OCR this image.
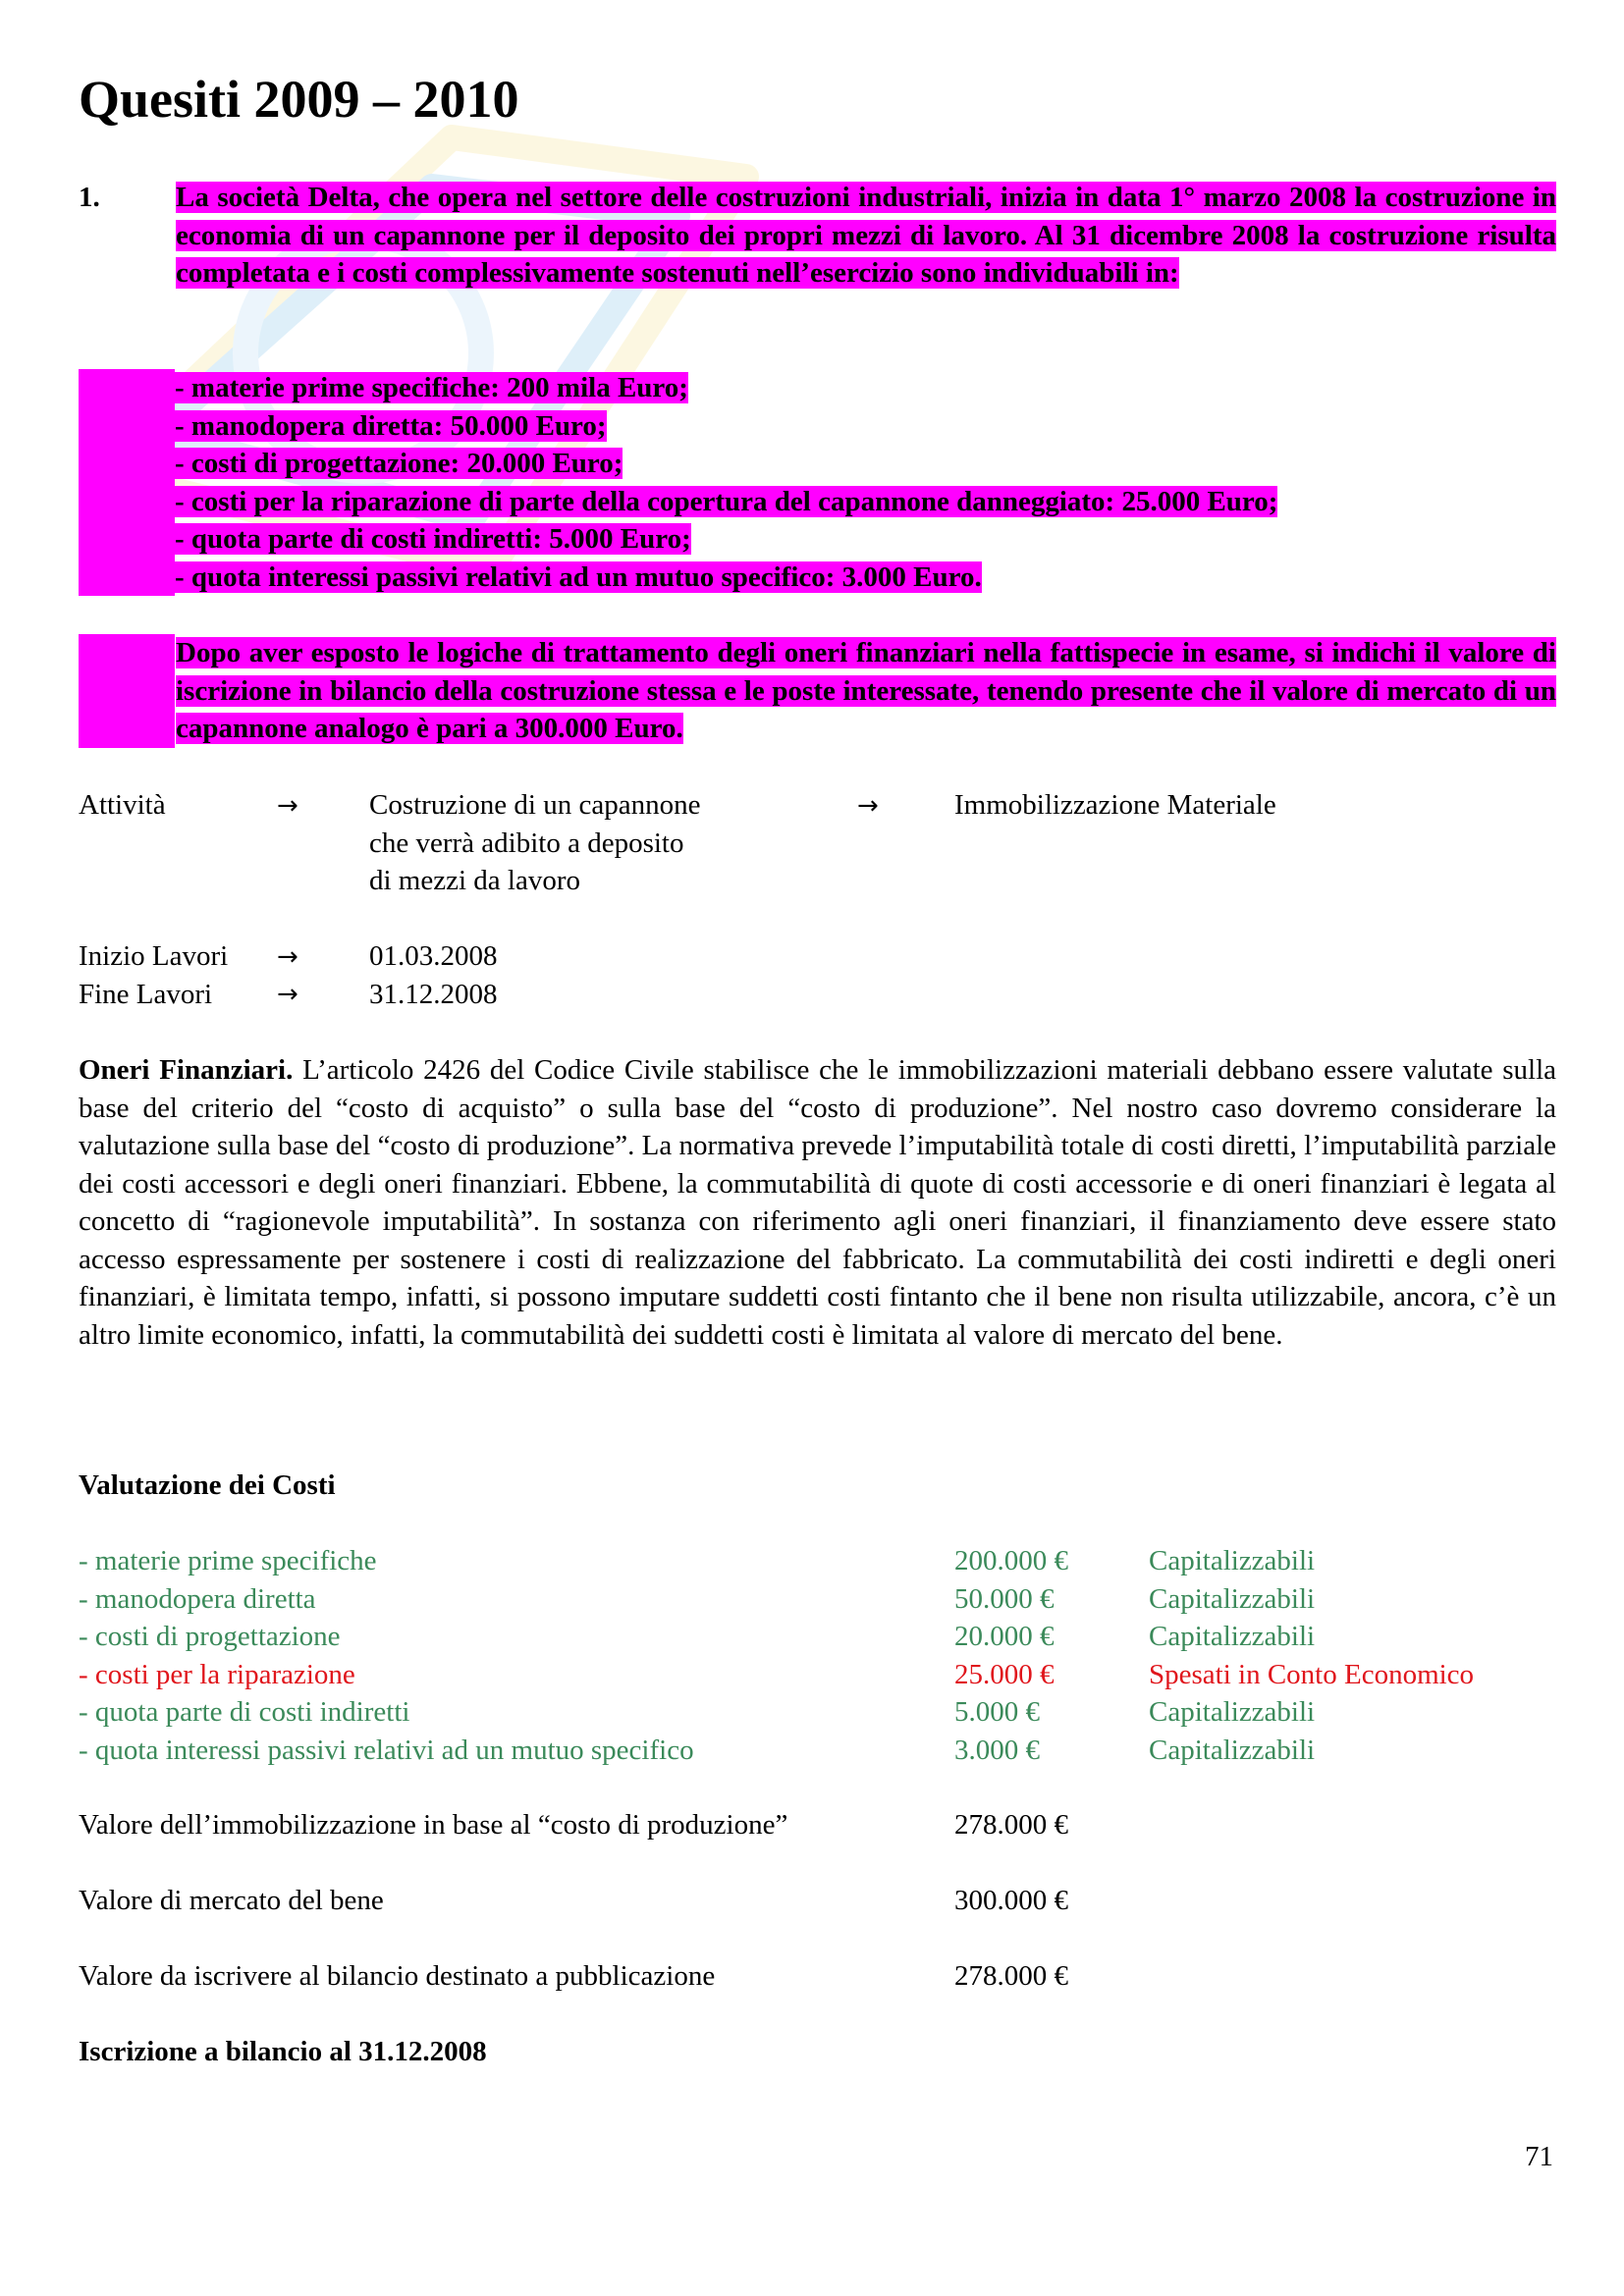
Quesiti 2009 – 2010
1.	La società Delta, che opera nel settore delle costruzioni industriali, inizia in data 1° marzo 2008 la costruzione in economia di un capannone per il deposito dei propri mezzi di lavoro. Al 31 dicembre 2008 la costruzione risulta completata e i costi complessivamente sostenuti nell’esercizio sono individuabili in:
- materie prime specifiche: 200 mila Euro;
- manodopera diretta: 50.000 Euro;
- costi di progettazione: 20.000 Euro;
- costi per la riparazione di parte della copertura del capannone danneggiato: 25.000 Euro;
- quota parte di costi indiretti: 5.000 Euro;
- quota interessi passivi relativi ad un mutuo specifico: 3.000 Euro.
Dopo aver esposto le logiche di trattamento degli oneri finanziari nella fattispecie in esame, si indichi il valore di iscrizione in bilancio della costruzione stessa e le poste interessate, tenendo presente che il valore di mercato di un capannone analogo è pari a 300.000 Euro.
Attività	→ Costruzione di un capannone
che verrà adibito a deposito
di mezzi da lavoro
→	Immobilizzazione Materiale
Inizio Lavori → 01.03.2008
Fine Lavori	→ 31.12.2008
Oneri Finanziari. L’articolo 2426 del Codice Civile stabilisce che le immobilizzazioni materiali debbano essere valutate sulla base del criterio del “costo di acquisto” o sulla base del “costo di produzione”. Nel nostro caso dovremo considerare la valutazione sulla base del “costo di produzione”. La normativa prevede l’imputabilità totale di costi diretti, l’imputabilità parziale dei costi accessori e degli oneri finanziari. Ebbene, la commutabilità di quote di costi accessorie e di oneri finanziari è legata al concetto di “ragionevole imputabilità”. In sostanza con riferimento agli oneri finanziari, il finanziamento deve essere stato accesso espressamente per sostenere i costi di realizzazione del fabbricato. La commutabilità dei costi indiretti e degli oneri finanziari, è limitata tempo, infatti, si possono imputare suddetti costi fintanto che il bene non risulta utilizzabile, ancora, c’è un altro limite economico, infatti, la commutabilità dei suddetti costi è limitata al valore di mercato del bene.
Valutazione dei Costi
- materie prime specifiche	200.000 €	Capitalizzabili
- manodopera diretta	50.000 €	Capitalizzabili
- costi di progettazione	20.000 €	Capitalizzabili
- costi per la riparazione	25.000 €	Spesati in Conto Economico
- quota parte di costi indiretti	5.000 €	Capitalizzabili
- quota interessi passivi relativi ad un mutuo specifico	3.000 €	Capitalizzabili
Valore dell’immobilizzazione in base al “costo di produzione”	278.000 €
Valore di mercato del bene	300.000 €
Valore da iscrivere al bilancio destinato a pubblicazione	278.000 €
Iscrizione a bilancio al 31.12.2008
71
